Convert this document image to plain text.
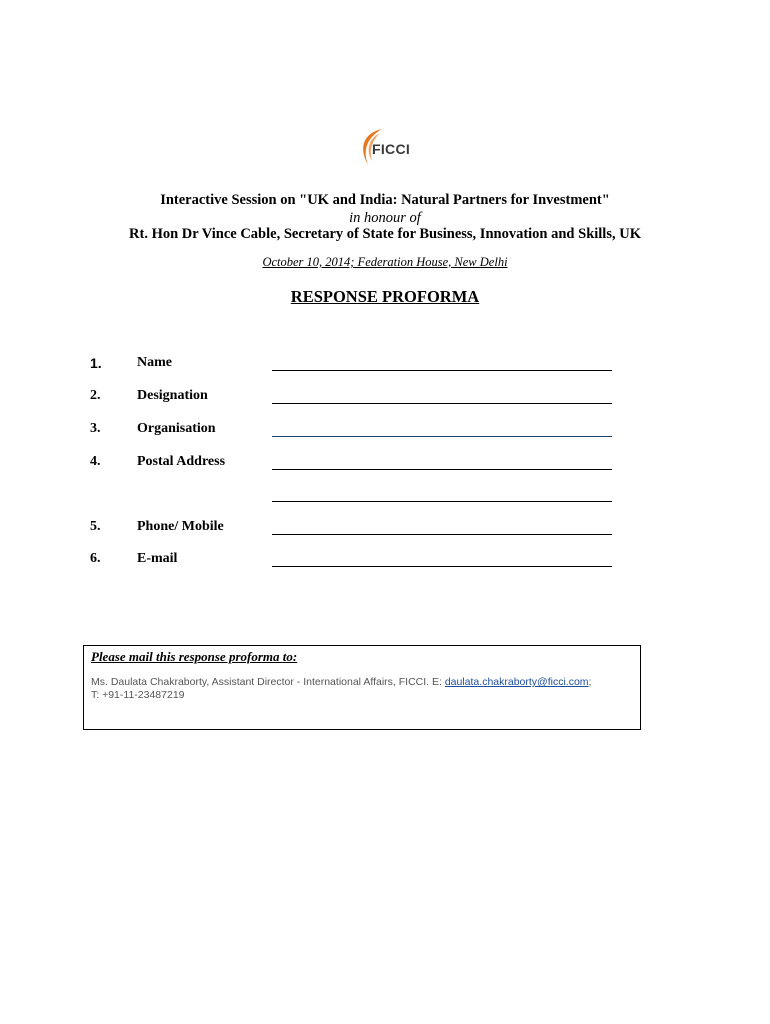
FICCI
Interactive Session on "UK and India: Natural Partners for Investment"
in honour of
Rt. Hon Dr Vince Cable, Secretary of State for Business, Innovation and Skills, UK
October 10, 2014; Federation House, New Delhi
RESPONSE PROFORMA
1.	Name
2.	Designation
3.	Organisation
4.	Postal Address
5.	Phone/ Mobile
6.	E-mail
Please mail this response proforma to:
Ms. Daulata Chakraborty, Assistant Director - International Affairs, FICCI. E: daulata.chakraborty@ficci.com;
T: +91-11-23487219
